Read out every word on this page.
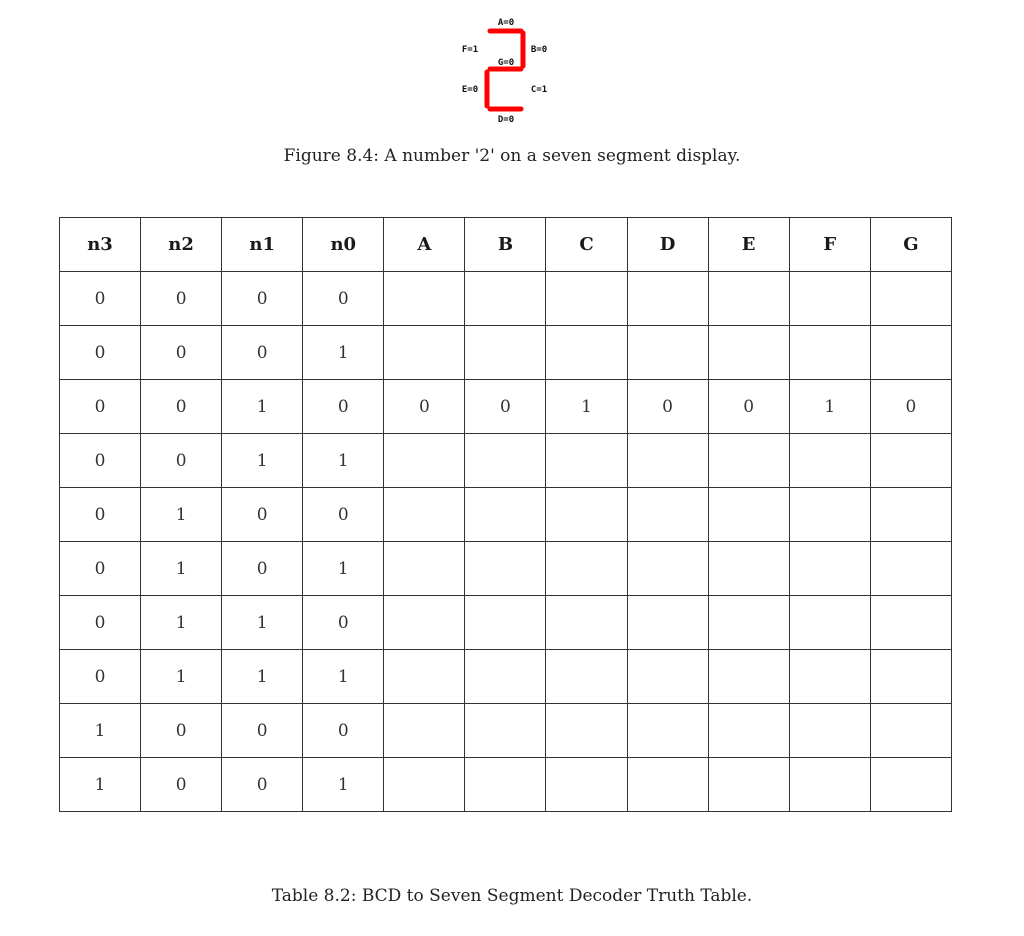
A=0
F=1	B=0
G=0
E=0	C=1
D=0
Figure 8.4: A number '2' on a seven segment display.
n3	n2	n1	n0	A	B	C	D	E	F	G
0	0	0	0							
0	0	0	1							
0	0	1	0	0	0	1	0	0	1	0
0	0	1	1							
0	1	0	0							
0	1	0	1							
0	1	1	0							
0	1	1	1							
1	0	0	0							
1	0	0	1							
Table 8.2: BCD to Seven Segment Decoder Truth Table.
